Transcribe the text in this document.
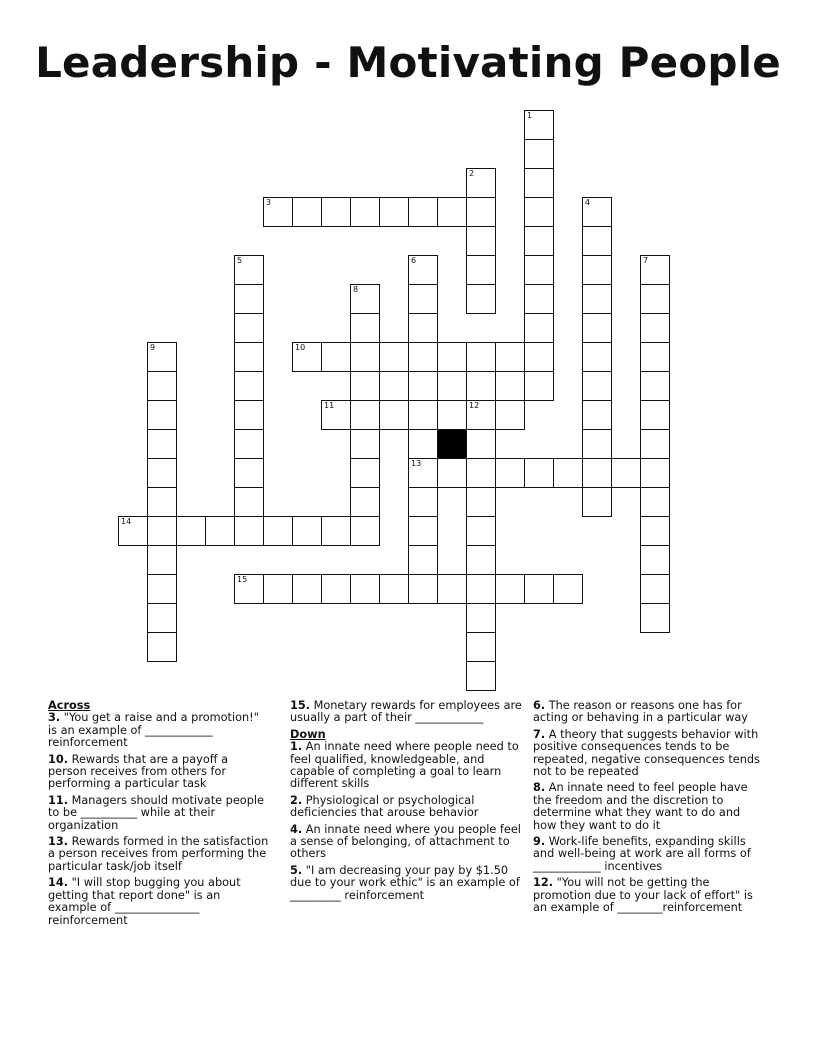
Leadership - Motivating People
1
2
3	4
5	6
13
7
8
9	10
11	12
14
15
Across
3. "You get a raise and a promotion!" is an example of ____________ reinforcement
10. Rewards that are a payoff a person receives from others for performing a particular task
11. Managers should motivate people to be __________ while at their organization
13. Rewards formed in the satisfaction a person receives from performing the particular task/job itself
14. "I will stop bugging you about getting that report done" is an example of _______________ reinforcement
15. Monetary rewards for employees are usually a part of their ____________
Down
1. An innate need where people need to feel qualified, knowledgeable, and capable of completing a goal to learn different skills
2. Physiological or psychological deficiencies that arouse behavior
4. An innate need where you people feel a sense of belonging, of attachment to others
5. "I am decreasing your pay by $1.50 due to your work ethic" is an example of _________ reinforcement
6. The reason or reasons one has for acting or behaving in a particular way
7. A theory that suggests behavior with positive consequences tends to be repeated, negative consequences tends not to be repeated
8. An innate need to feel people have the freedom and the discretion to determine what they want to do and how they want to do it
9. Work-life benefits, expanding skills and well-being at work are all forms of ____________ incentives
12. "You will not be getting the promotion due to your lack of effort" is an example of ________reinforcement
